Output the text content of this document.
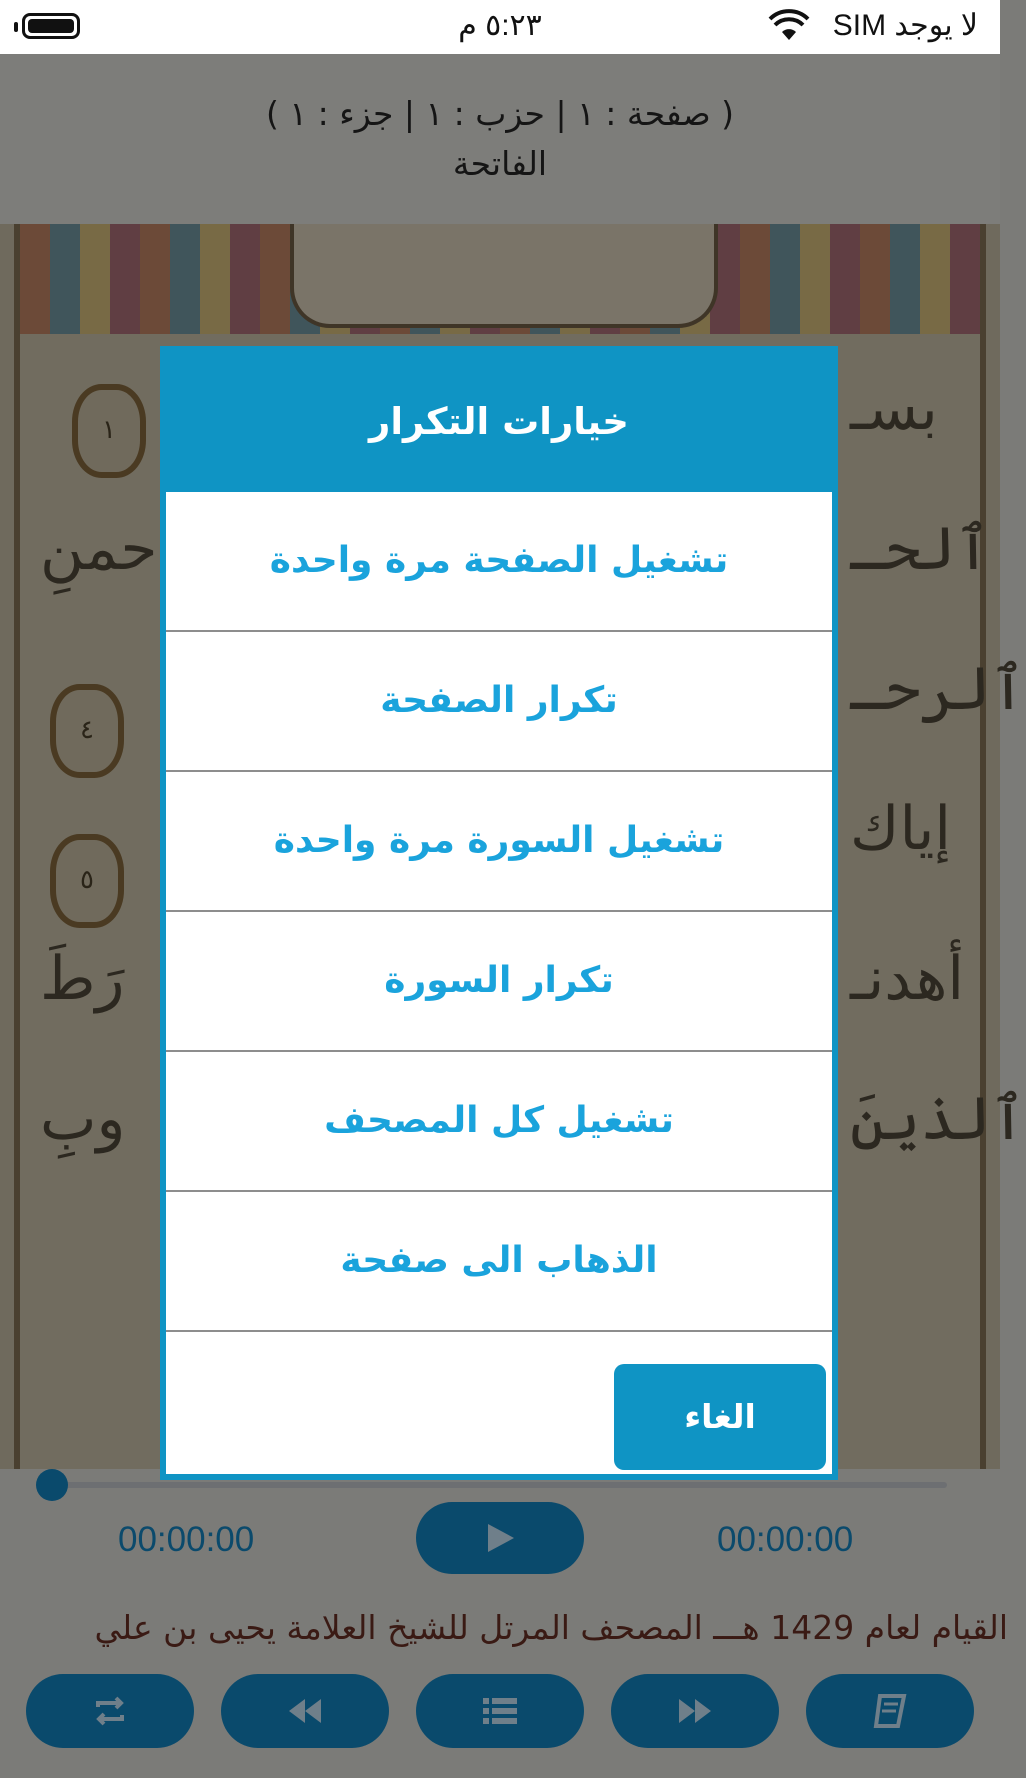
٥:٢٣ م	لا يوجد SIM
( صفحة : ١ | حزب : ١ | جزء : ١ )
الفاتحة
١
٤
٥
بسـ
ٱلحـ
حمنِ
ٱلرحـ
إياك
أهدنـ
رَطَ
ٱلذينَ
وبِ
00:00:00	00:00:00
القيام لعام 1429 هـــ المصحف المرتل للشيخ العلامة يحيى بن علي
خيارات التكرار
تشغيل الصفحة مرة واحدة
تكرار الصفحة
تشغيل السورة مرة واحدة
تكرار السورة
تشغيل كل المصحف
الذهاب الى صفحة
الغاء
